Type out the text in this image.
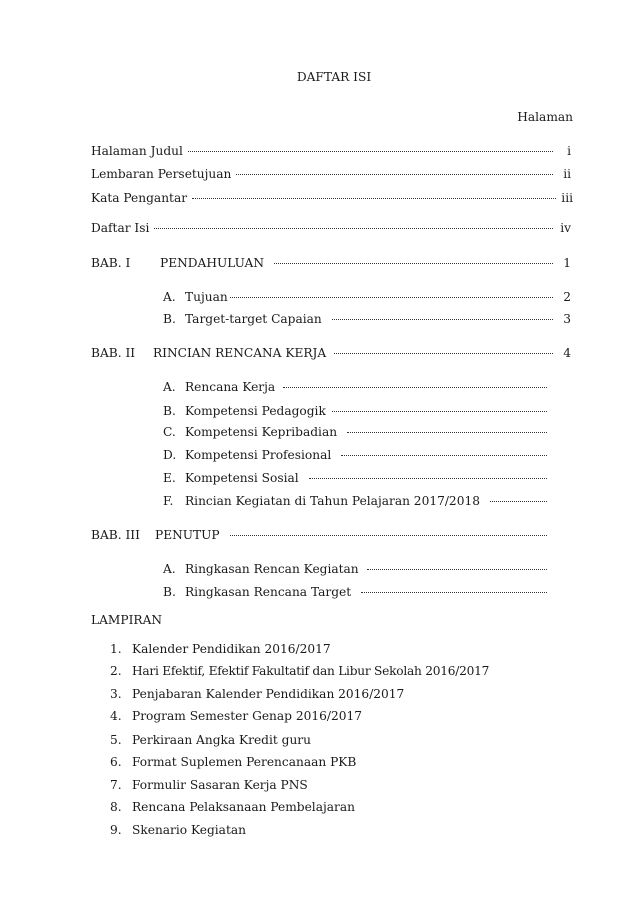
DAFTAR ISI
Halaman
Halaman Judul	i
Lembaran Persetujuan	ii
Kata Pengantar	iii
Daftar Isi	iv
BAB. I	PENDAHULUAN	1
A. Tujuan	2
B. Target-target Capaian	3
BAB. II	RINCIAN RENCANA KERJA	4
A. Rencana Kerja
B. Kompetensi Pedagogik
C. Kompetensi Kepribadian
D. Kompetensi Profesional
E. Kompetensi Sosial
F. Rincian Kegiatan di Tahun Pelajaran 2017/2018
BAB. III	PENUTUP
A. Ringkasan Rencan Kegiatan
B. Ringkasan Rencana Target
LAMPIRAN
1. Kalender Pendidikan 2016/2017
2. Hari Efektif, Efektif Fakultatif dan Libur Sekolah 2016/2017
3. Penjabaran Kalender Pendidikan 2016/2017
4. Program Semester Genap 2016/2017
5. Perkiraan Angka Kredit guru
6. Format Suplemen Perencanaan PKB
7. Formulir Sasaran Kerja PNS
8. Rencana Pelaksanaan Pembelajaran
9. Skenario Kegiatan
